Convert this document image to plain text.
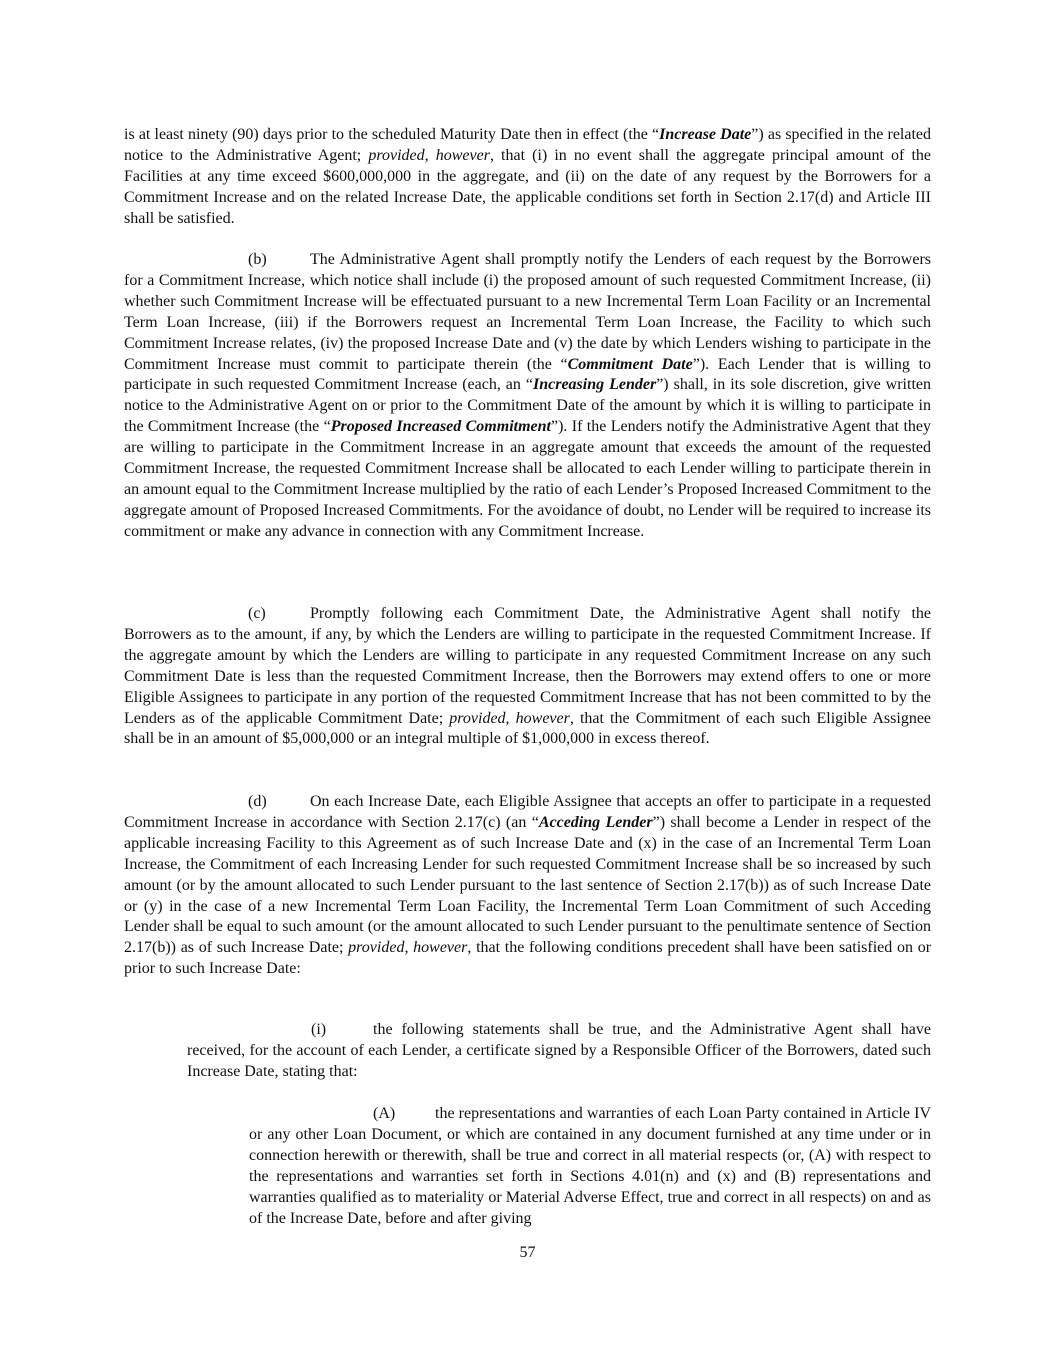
is at least ninety (90) days prior to the scheduled Maturity Date then in effect (the “Increase Date”) as specified in the related notice to the Administrative Agent; provided, however, that (i) in no event shall the aggregate principal amount of the Facilities at any time exceed $600,000,000 in the aggregate, and (ii) on the date of any request by the Borrowers for a Commitment Increase and on the related Increase Date, the applicable conditions set forth in Section 2.17(d) and Article III shall be satisfied.

(b)	The Administrative Agent shall promptly notify the Lenders of each request by the Borrowers for a Commitment Increase, which notice shall include (i) the proposed amount of such requested Commitment Increase, (ii) whether such Commitment Increase will be effectuated pursuant to a new Incremental Term Loan Facility or an Incremental Term Loan Increase, (iii) if the Borrowers request an Incremental Term Loan Increase, the Facility to which such Commitment Increase relates, (iv) the proposed Increase Date and (v) the date by which Lenders wishing to participate in the Commitment Increase must commit to participate therein (the “Commitment Date”). Each Lender that is willing to participate in such requested Commitment Increase (each, an “Increasing Lender”) shall, in its sole discretion, give written notice to the Administrative Agent on or prior to the Commitment Date of the amount by which it is willing to participate in the Commitment Increase (the “Proposed Increased Commitment”). If the Lenders notify the Administrative Agent that they are willing to participate in the Commitment Increase in an aggregate amount that exceeds the amount of the requested Commitment Increase, the requested Commitment Increase shall be allocated to each Lender willing to participate therein in an amount equal to the Commitment Increase multiplied by the ratio of each Lender’s Proposed Increased Commitment to the aggregate amount of Proposed Increased Commitments. For the avoidance of doubt, no Lender will be required to increase its commitment or make any advance in connection with any Commitment Increase.

(c)	Promptly following each Commitment Date, the Administrative Agent shall notify the Borrowers as to the amount, if any, by which the Lenders are willing to participate in the requested Commitment Increase. If the aggregate amount by which the Lenders are willing to participate in any requested Commitment Increase on any such Commitment Date is less than the requested Commitment Increase, then the Borrowers may extend offers to one or more Eligible Assignees to participate in any portion of the requested Commitment Increase that has not been committed to by the Lenders as of the applicable Commitment Date; provided, however, that the Commitment of each such Eligible Assignee shall be in an amount of $5,000,000 or an integral multiple of $1,000,000 in excess thereof.

(d)	On each Increase Date, each Eligible Assignee that accepts an offer to participate in a requested Commitment Increase in accordance with Section 2.17(c) (an “Acceding Lender”) shall become a Lender in respect of the applicable increasing Facility to this Agreement as of such Increase Date and (x) in the case of an Incremental Term Loan Increase, the Commitment of each Increasing Lender for such requested Commitment Increase shall be so increased by such amount (or by the amount allocated to such Lender pursuant to the last sentence of Section 2.17(b)) as of such Increase Date or (y) in the case of a new Incremental Term Loan Facility, the Incremental Term Loan Commitment of such Acceding Lender shall be equal to such amount (or the amount allocated to such Lender pursuant to the penultimate sentence of Section 2.17(b)) as of such Increase Date; provided, however, that the following conditions precedent shall have been satisfied on or prior to such Increase Date:

(i)	the following statements shall be true, and the Administrative Agent shall have received, for the account of each Lender, a certificate signed by a Responsible Officer of the Borrowers, dated such Increase Date, stating that:

(A) the representations and warranties of each Loan Party contained in Article IV or any other Loan Document, or which are contained in any document furnished at any time under or in connection herewith or therewith, shall be true and correct in all material respects (or, (A) with respect to the representations and warranties set forth in Sections 4.01(n) and (x) and (B) representations and warranties qualified as to materiality or Material Adverse Effect, true and correct in all respects) on and as of the Increase Date, before and after giving

57
